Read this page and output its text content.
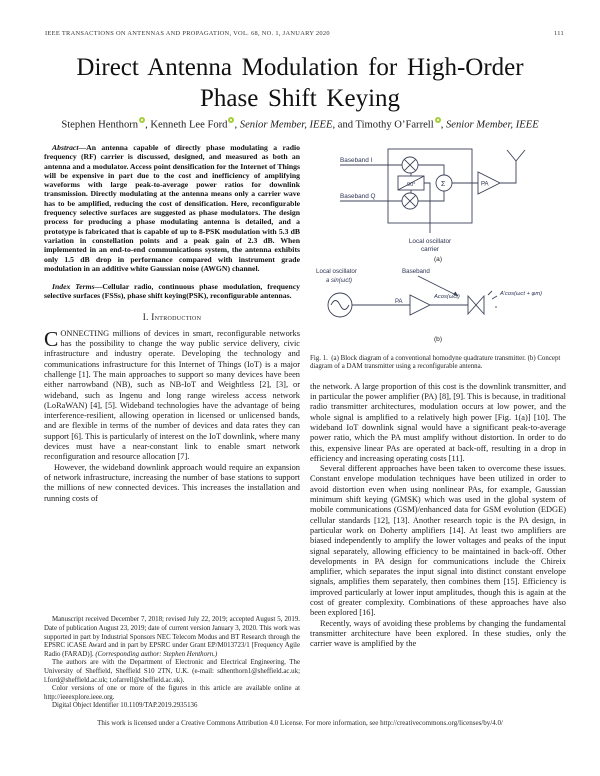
IEEE TRANSACTIONS ON ANTENNAS AND PROPAGATION, VOL. 68, NO. 1, JANUARY 2020	111
Direct Antenna Modulation for High-Order
Phase Shift Keying
Stephen Henthorn , Kenneth Lee Ford , Senior Member, IEEE, and Timothy O’Farrell , Senior Member, IEEE

Abstract—An antenna capable of directly phase modulating a radio frequency (RF) carrier is discussed, designed, and measured as both an antenna and a modulator. Access point densification for the Internet of Things will be expensive in part due to the cost and inefficiency of amplifying waveforms with large peak-to-average power ratios for downlink transmission. Directly modulating at the antenna means only a carrier wave has to be amplified, reducing the cost of densification. Here, reconfigurable frequency selective surfaces are suggested as phase modulators. The design process for producing a phase modulating antenna is detailed, and a prototype is fabricated that is capable of up to 8-PSK modulation with 5.3 dB variation in constellation points and a peak gain of 2.3 dB. When implemented in an end-to-end communications system, the antenna exhibits only 1.5 dB drop in performance compared with instrument grade modulation in an additive white Gaussian noise (AWGN) channel.

Index Terms—Cellular radio, continuous phase modulation, frequency selective surfaces (FSSs), phase shift keying(PSK), reconfigurable antennas.

I. Introduction

CONNECTING millions of devices in smart, reconfigurable networks has the possibility to change the way public service delivery, civic infrastructure and industry operate. Developing the technology and communications infrastructure for this Internet of Things (IoT) is a major challenge [1]. The main approaches to support so many devices have been either narrowband (NB), such as NB-IoT and Weightless [2], [3], or wideband, such as Ingenu and long range wireless access network (LoRaWAN) [4], [5]. Wideband technologies have the advantage of being interference-resilient, allowing operation in licensed or unlicensed bands, and are flexible in terms of the number of devices and data rates they can support [6]. This is particularly of interest on the IoT downlink, where many devices must have a near-constant link to enable smart network reconfiguration and resource allocation [7].

However, the wideband downlink approach would require an expansion of network infrastructure, increasing the number of base stations to support the millions of new connected devices. This increases the installation and running costs of

Manuscript received December 7, 2018; revised July 22, 2019; accepted August 5, 2019. Date of publication August 23, 2019; date of current version January 3, 2020. This work was supported in part by Industrial Sponsors NEC Telecom Modus and BT Research through the EPSRC iCASE Award and in part by EPSRC under Grant EP/M013723/1 [Frequency Agile Radio (FARAD)]. (Corresponding author: Stephen Henthorn.)

The authors are with the Department of Electronic and Electrical Engineering, The University of Sheffield, Sheffield S10 2TN, U.K. (e-mail: sdhenthorn1@sheffield.ac.uk; l.ford@sheffield.ac.uk; t.ofarrell@sheffield.ac.uk).

Color versions of one or more of the figures in this article are available online at http://ieeexplore.ieee.org.

Digital Object Identifier 10.1109/TAP.2019.2935136

Baseband I
Baseband Q
90°	Σ	PA
Local oscillator
carrier
(a)
Local oscillator
a sin(ωct)
Baseband
PA
Acos(ωct)	A′cos(ωct + φm)
(b)
Fig. 1. (a) Block diagram of a conventional homodyne quadrature transmitter. (b) Concept diagram of a DAM transmitter using a reconfigurable antenna.

the network. A large proportion of this cost is the downlink transmitter, and in particular the power amplifier (PA) [8], [9]. This is because, in traditional radio transmitter architectures, modulation occurs at low power, and the whole signal is amplified to a relatively high power [Fig. 1(a)] [10]. The wideband IoT downlink signal would have a significant peak-to-average power ratio, which the PA must amplify without distortion. In order to do this, expensive linear PAs are operated at back-off, resulting in a drop in efficiency and increasing operating costs [11].

Several different approaches have been taken to overcome these issues. Constant envelope modulation techniques have been utilized in order to avoid distortion even when using nonlinear PAs, for example, Gaussian minimum shift keying (GMSK) which was used in the global system of mobile communications (GSM)/enhanced data for GSM evolution (EDGE) cellular standards [12], [13]. Another research topic is the PA design, in particular work on Doherty amplifiers [14]. At least two amplifiers are biased independently to amplify the lower voltages and peaks of the input signal separately, allowing efficiency to be maintained in back-off. Other developments in PA design for communications include the Chireix amplifier, which separates the input signal into distinct constant envelope signals, amplifies them separately, then combines them [15]. Efficiency is improved particularly at lower input amplitudes, though this is again at the cost of greater complexity. Combinations of these approaches have also been explored [16].

Recently, ways of avoiding these problems by changing the fundamental transmitter architecture have been explored. In these studies, only the carrier wave is amplified by the

This work is licensed under a Creative Commons Attribution 4.0 License. For more information, see http://creativecommons.org/licenses/by/4.0/
